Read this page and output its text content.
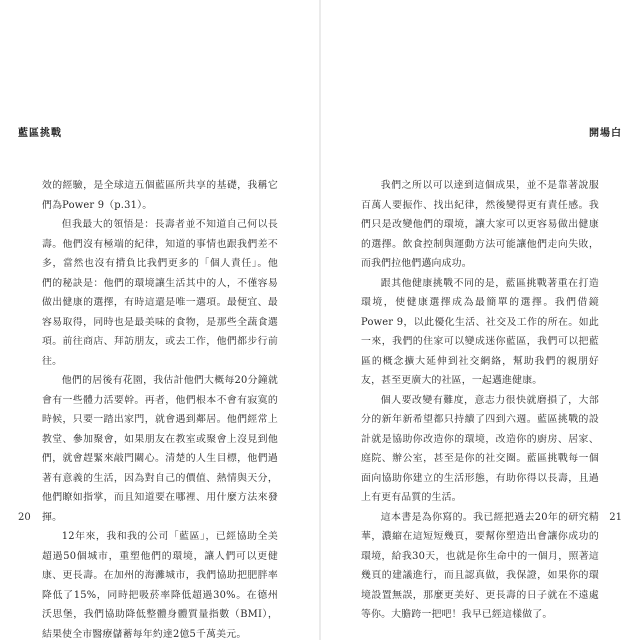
藍區挑戰

效的經驗，是全球這五個藍區所共享的基礎，我稱它們為Power 9（p.31）。

但我最大的領悟是：長壽者並不知道自己何以長壽。他們沒有極端的紀律，知道的事情也跟我們差不多，當然也沒有揹負比我們更多的「個人責任」。他們的秘訣是：他們的環境讓生活其中的人，不僅容易做出健康的選擇，有時這還是唯一選項。最便宜、最容易取得，同時也是最美味的食物，是那些全蔬食選項。前往商店、拜訪朋友，或去工作，他們都步行前往。

他們的居後有花園，我估計他們大概每20分鐘就會有一些體力活要幹。再者，他們根本不會有寂寞的時候，只要一踏出家門，就會遇到鄰居。他們經常上教堂、參加聚會，如果朋友在教室或聚會上沒見到他們，就會趕緊來敲門關心。清楚的人生目標，他們過著有意義的生活，因為對自己的價值、熱情與天分，他們瞭如指掌，而且知道要在哪裡、用什麼方法來發揮。

12年來，我和我的公司「藍區」，已經協助全美超過50個城市，重塑他們的環境，讓人們可以更健康、更長壽。在加州的海灘城市，我們協助把肥胖率降低了15%，同時把吸菸率降低超過30%。在德州沃思堡，我們協助降低整體身體質量指數（BMI），結果使全市醫療儲蓄每年約達2億5千萬美元。

20
開場白

我們之所以可以達到這個成果，並不是靠著說服百萬人要振作、找出紀律，然後變得更有責任感。我們只是改變他們的環境，讓大家可以更容易做出健康的選擇。飲食控制與運動方法可能讓他們走向失敗，而我們拉他們邁向成功。

跟其他健康挑戰不同的是，藍區挑戰著重在打造環境，使健康選擇成為最簡單的選擇。我們借鏡Power 9，以此優化生活、社交及工作的所在。如此一來，我們的住家可以變成迷你藍區，我們可以把藍區的概念擴大延伸到社交網絡，幫助我們的親朋好友，甚至更廣大的社區，一起邁進健康。

個人要改變有難度，意志力很快就磨損了，大部分的新年新希望都只持續了四到六週。藍區挑戰的設計就是協助你改造你的環境，改造你的廚房、居家、庭院、辦公室，甚至是你的社交圈。藍區挑戰每一個面向協助你建立的生活形態，有助你得以長壽，且過上有更有品質的生活。

這本書是為你寫的。我已經把過去20年的研究精華，濃縮在這短短幾頁，要幫你塑造出會讓你成功的環境，給我30天，也就是你生命中的一個月，照著這幾頁的建議進行，而且認真做，我保證，如果你的環境設置無誤，那麼更美好、更長壽的日子就在不遠處等你。大膽跨一把吧！我早已經這樣做了。

21
